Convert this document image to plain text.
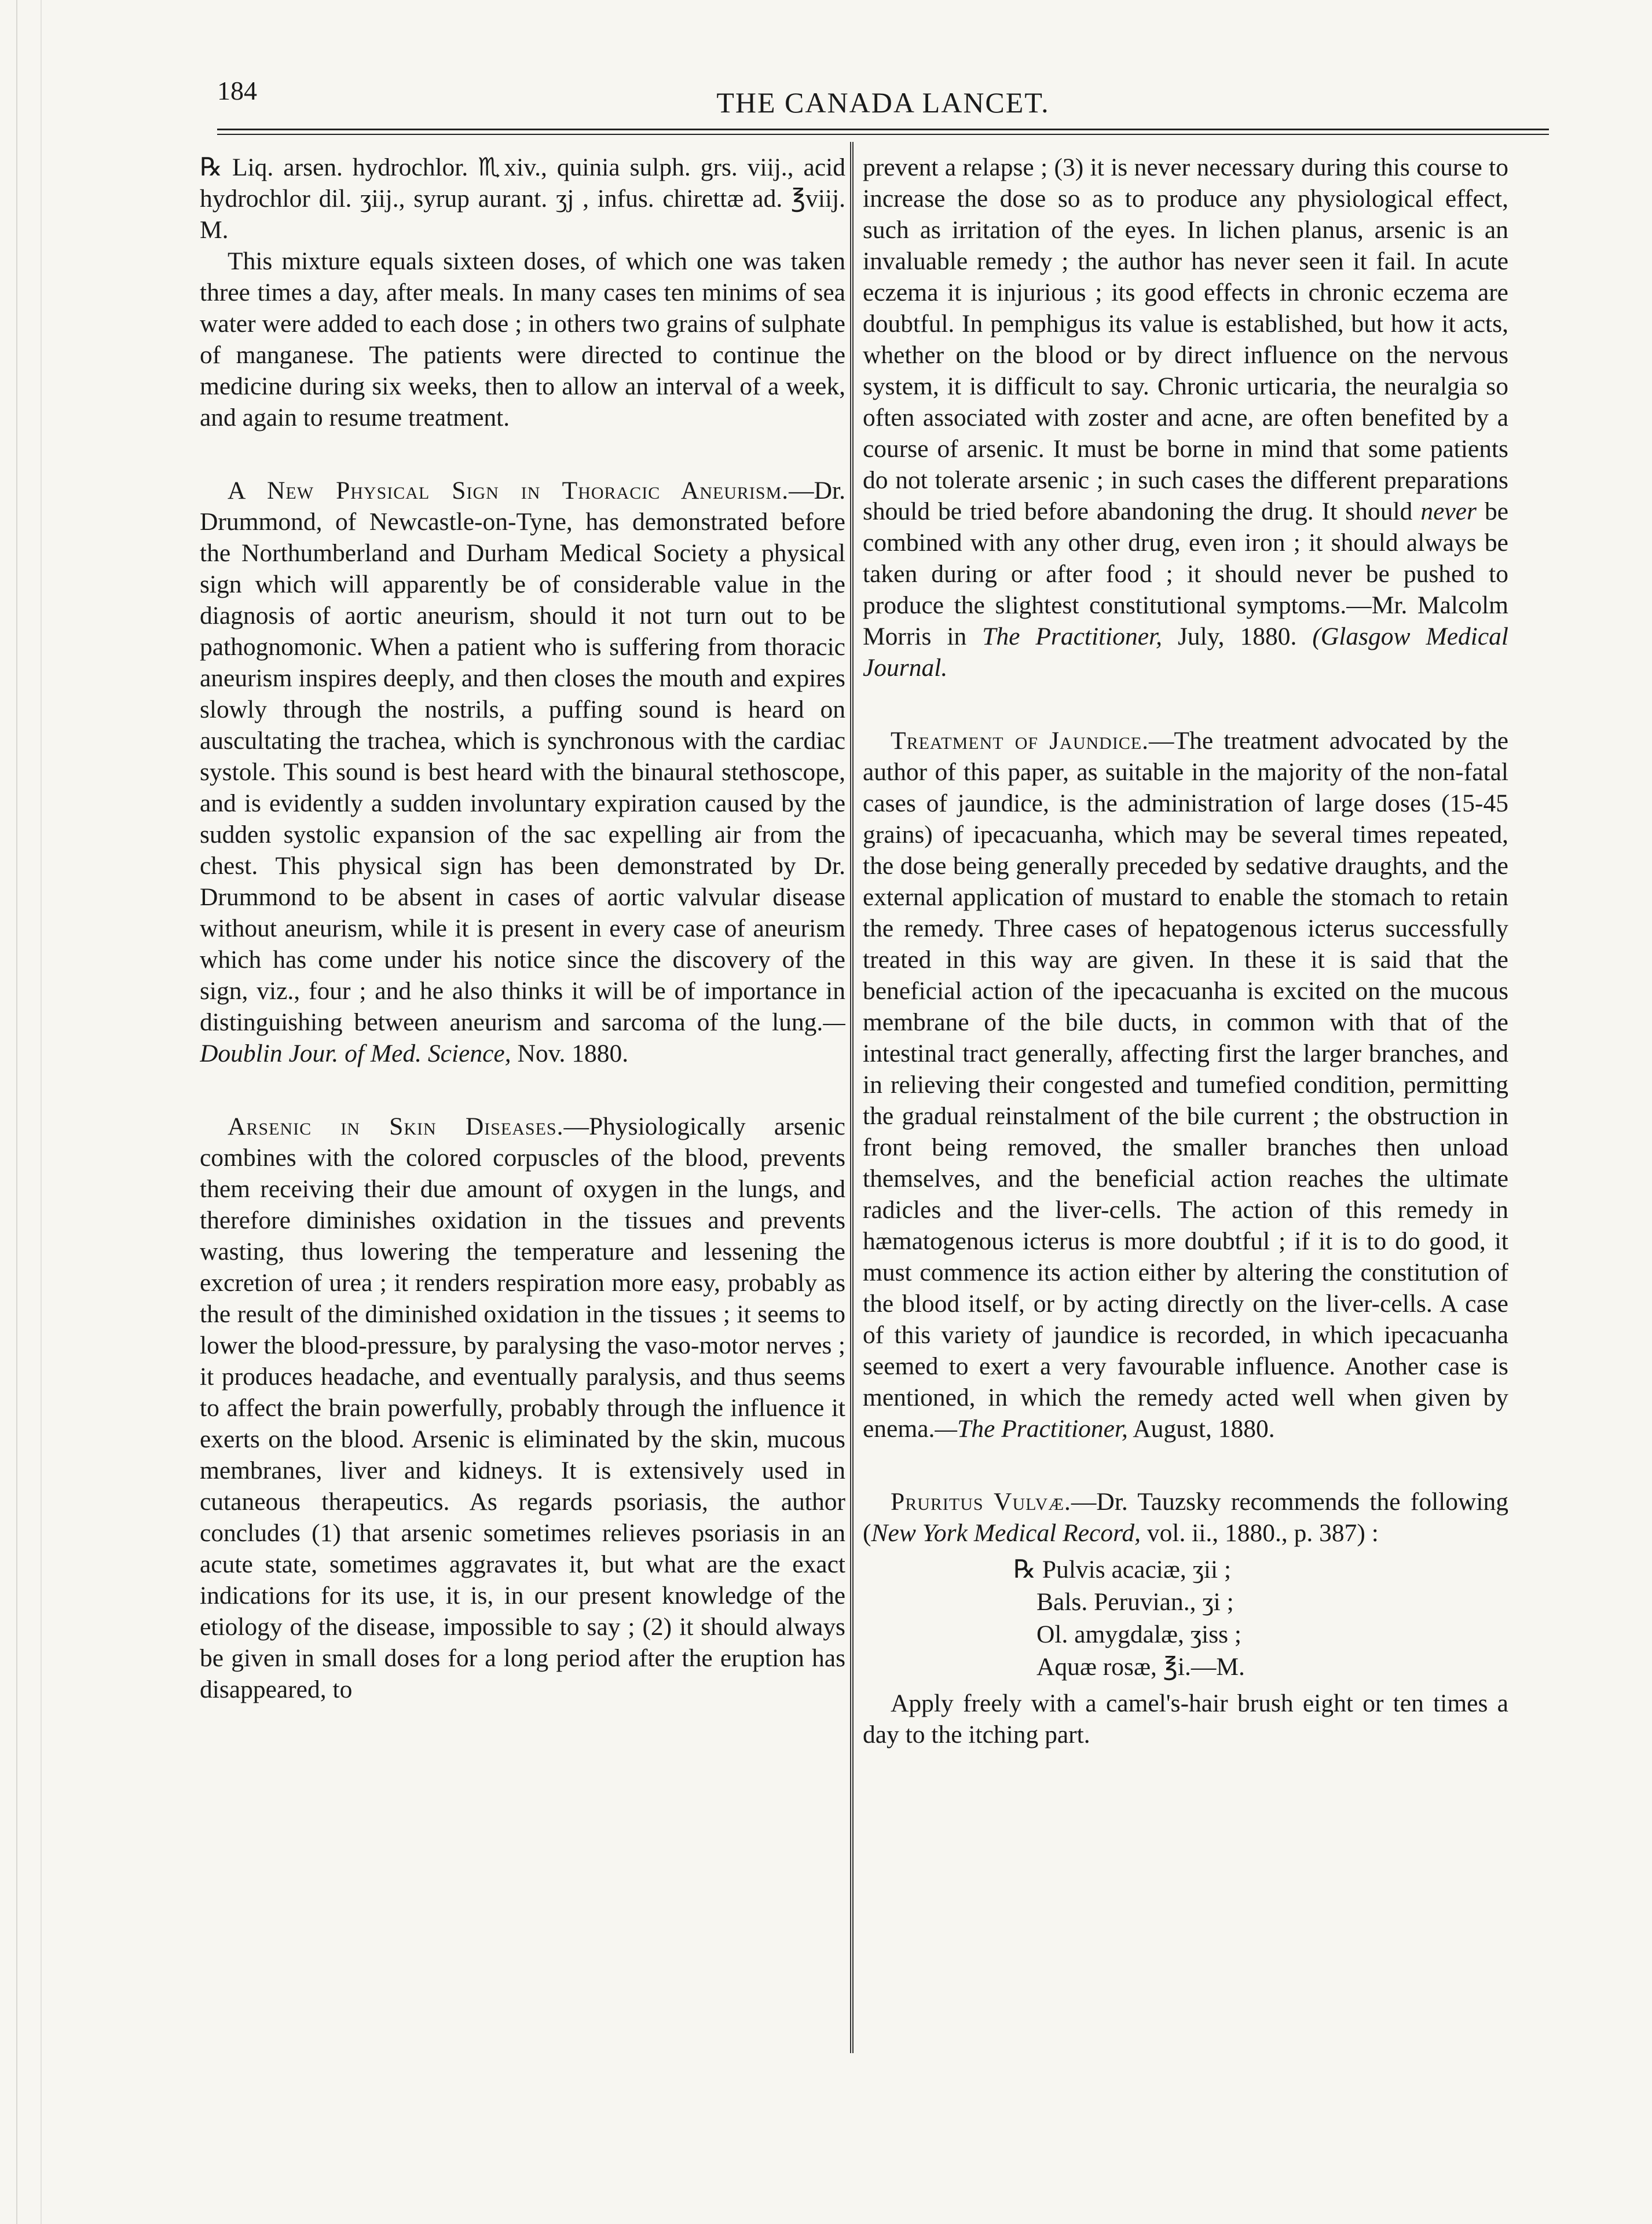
184	THE CANADA LANCET.

℞ Liq. arsen. hydrochlor. ♏︎xiv., quinia sulph. grs. viij., acid hydrochlor dil. ʒiij., syrup aurant. ʒj , infus. chirettæ ad. ℥viij. M.

This mixture equals sixteen doses, of which one was taken three times a day, after meals. In many cases ten minims of sea water were added to each dose ; in others two grains of sulphate of manganese. The patients were directed to continue the medicine during six weeks, then to allow an interval of a week, and again to resume treatment.

A New Physical Sign in Thoracic Aneurism.—Dr. Drummond, of Newcastle-on-Tyne, has demonstrated before the Northumberland and Durham Medical Society a physical sign which will apparently be of considerable value in the diagnosis of aortic aneurism, should it not turn out to be pathognomonic. When a patient who is suffering from thoracic aneurism inspires deeply, and then closes the mouth and expires slowly through the nostrils, a puffing sound is heard on auscultating the trachea, which is synchronous with the cardiac systole. This sound is best heard with the binaural stethoscope, and is evidently a sudden involuntary expiration caused by the sudden systolic expansion of the sac expelling air from the chest. This physical sign has been demonstrated by Dr. Drummond to be absent in cases of aortic valvular disease without aneurism, while it is present in every case of aneurism which has come under his notice since the discovery of the sign, viz., four ; and he also thinks it will be of importance in distinguishing between aneurism and sarcoma of the lung.—Doublin Jour. of Med. Science, Nov. 1880.

Arsenic in Skin Diseases.—Physiologically arsenic combines with the colored corpuscles of the blood, prevents them receiving their due amount of oxygen in the lungs, and therefore diminishes oxidation in the tissues and prevents wasting, thus lowering the temperature and lessening the excretion of urea ; it renders respiration more easy, probably as the result of the diminished oxidation in the tissues ; it seems to lower the blood-pressure, by paralysing the vaso-motor nerves ; it produces headache, and eventually paralysis, and thus seems to affect the brain powerfully, probably through the influence it exerts on the blood. Arsenic is eliminated by the skin, mucous membranes, liver and kidneys. It is extensively used in cutaneous therapeutics. As regards psoriasis, the author concludes (1) that arsenic sometimes relieves psoriasis in an acute state, sometimes aggravates it, but what are the exact indications for its use, it is, in our present knowledge of the etiology of the disease, impossible to say ; (2) it should always be given in small doses for a long period after the eruption has disappeared, to

prevent a relapse ; (3) it is never necessary during this course to increase the dose so as to produce any physiological effect, such as irritation of the eyes. In lichen planus, arsenic is an invaluable remedy ; the author has never seen it fail. In acute eczema it is injurious ; its good effects in chronic eczema are doubtful. In pemphigus its value is established, but how it acts, whether on the blood or by direct influence on the nervous system, it is difficult to say. Chronic urticaria, the neuralgia so often associated with zoster and acne, are often benefited by a course of arsenic. It must be borne in mind that some patients do not tolerate arsenic ; in such cases the different preparations should be tried before abandoning the drug. It should never be combined with any other drug, even iron ; it should always be taken during or after food ; it should never be pushed to produce the slightest constitutional symptoms.—Mr. Malcolm Morris in The Practitioner, July, 1880. (Glasgow Medical Journal.

Treatment of Jaundice.—The treatment advocated by the author of this paper, as suitable in the majority of the non-fatal cases of jaundice, is the administration of large doses (15-45 grains) of ipecacuanha, which may be several times repeated, the dose being generally preceded by sedative draughts, and the external application of mustard to enable the stomach to retain the remedy. Three cases of hepatogenous icterus successfully treated in this way are given. In these it is said that the beneficial action of the ipecacuanha is excited on the mucous membrane of the bile ducts, in common with that of the intestinal tract generally, affecting first the larger branches, and in relieving their congested and tumefied condition, permitting the gradual reinstalment of the bile current ; the obstruction in front being removed, the smaller branches then unload themselves, and the beneficial action reaches the ultimate radicles and the liver-cells. The action of this remedy in hæmatogenous icterus is more doubtful ; if it is to do good, it must commence its action either by altering the constitution of the blood itself, or by acting directly on the liver-cells. A case of this variety of jaundice is recorded, in which ipecacuanha seemed to exert a very favourable influence. Another case is mentioned, in which the remedy acted well when given by enema.—The Practitioner, August, 1880.

Pruritus Vulvæ.—Dr. Tauzsky recommends the following (New York Medical Record, vol. ii., 1880., p. 387) :

℞ Pulvis acaciæ, ʒii ;
Bals. Peruvian., ʒi ;
Ol. amygdalæ, ʒiss ;
Aquæ rosæ, ℥i.—M.

Apply freely with a camel's-hair brush eight or ten times a day to the itching part.
